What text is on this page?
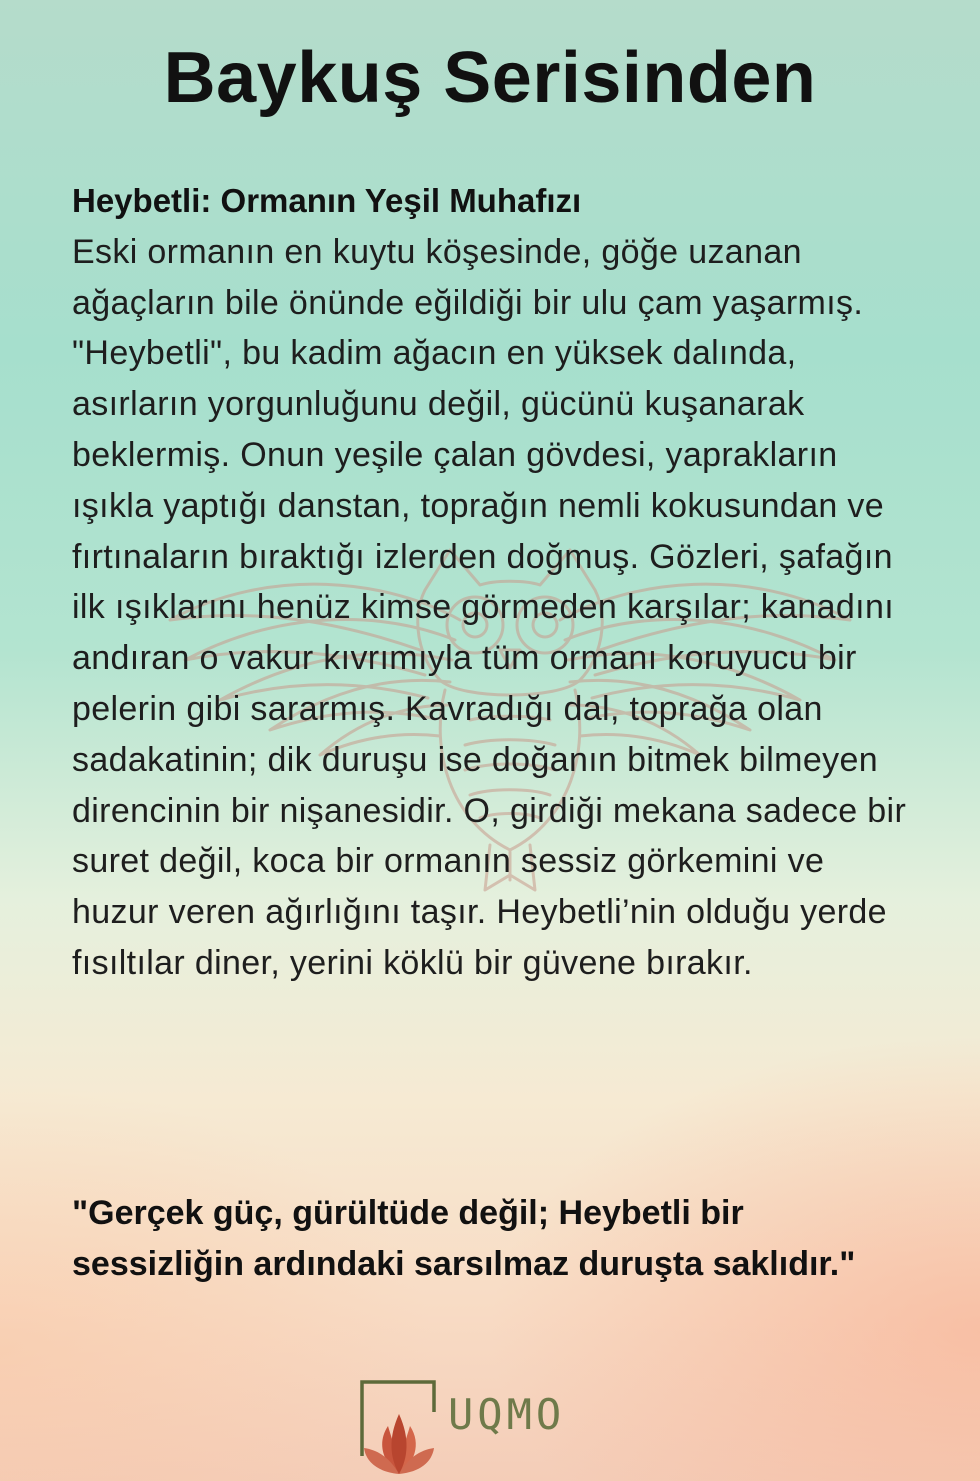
Baykuş Serisinden
Heybetli: Ormanın Yeşil Muhafızı
Eski ormanın en kuytu köşesinde, göğe uzanan ağaçların bile önünde eğildiği bir ulu çam yaşarmış. "Heybetli", bu kadim ağacın en yüksek dalında, asırların yorgunluğunu değil, gücünü kuşanarak beklermiş. Onun yeşile çalan gövdesi, yaprakların ışıkla yaptığı danstan, toprağın nemli kokusundan ve fırtınaların bıraktığı izlerden doğmuş. Gözleri, şafağın ilk ışıklarını henüz kimse görmeden karşılar; kanadını andıran o vakur kıvrımıyla tüm ormanı koruyucu bir pelerin gibi sararmış. Kavradığı dal, toprağa olan sadakatinin; dik duruşu ise doğanın bitmek bilmeyen direncinin bir nişanesidir. O, girdiği mekana sadece bir suret değil, koca bir ormanın sessiz görkemini ve huzur veren ağırlığını taşır. Heybetli’nin olduğu yerde fısıltılar diner, yerini köklü bir güvene bırakır.

"Gerçek güç, gürültüde değil; Heybetli bir sessizliğin ardındaki sarsılmaz duruşta saklıdır."

UQMO
